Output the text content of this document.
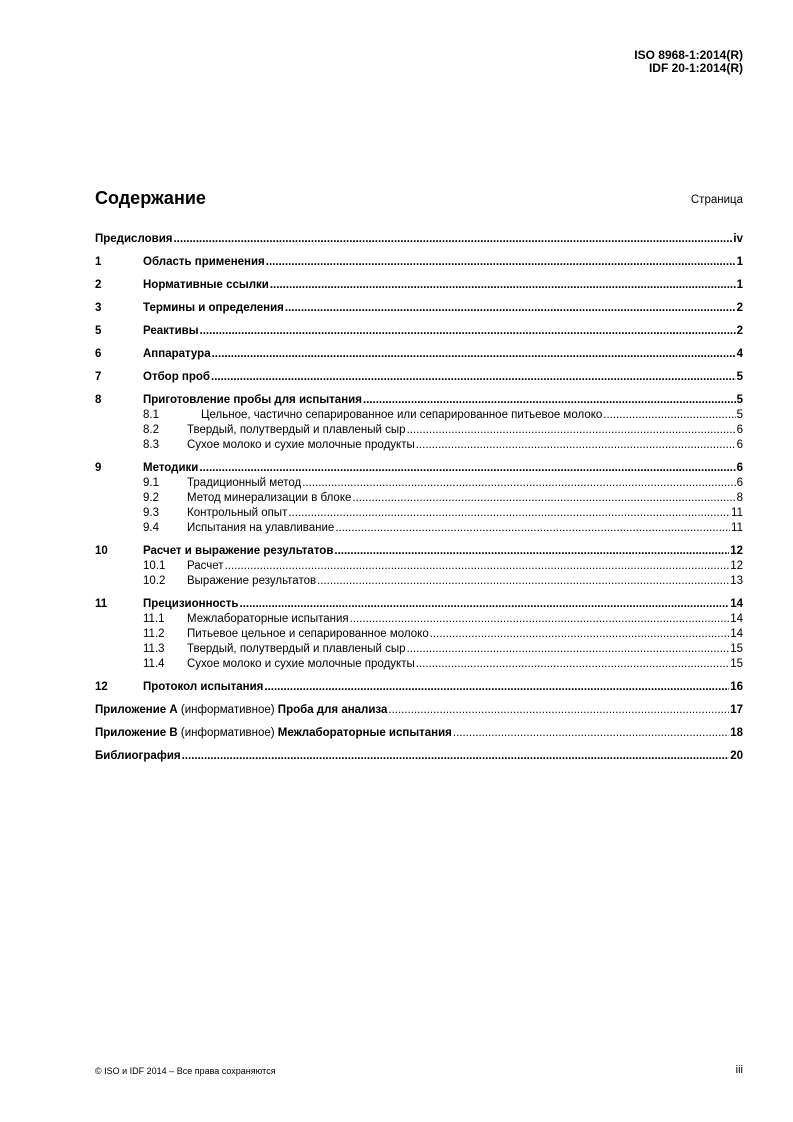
ISO 8968-1:2014(R)
IDF 20-1:2014(R)
Содержание	Страница
Предисловия .....	iv
1	Область применения .....	1
2	Нормативные ссылки .....	1
3	Термины и определения .....	2
5	Реактивы .....	2
6	Аппаратура .....	4
7	Отбор проб .....	5
8	Приготовление пробы для испытания .....	5
8.1	Цельное, частично сепарированное или сепарированное питьевое молоко .....	5
8.2	Твердый, полутвердый и плавленый сыр .....	6
8.3	Сухое молоко и сухие молочные продукты .....	6
9	Методики .....	6
9.1	Традиционный метод .....	6
9.2	Метод минерализации в блоке .....	8
9.3	Контрольный опыт .....	11
9.4	Испытания на улавливание .....	11
10	Расчет и выражение результатов .....	12
10.1	Расчет .....	12
10.2	Выражение результатов .....	13
11	Прецизионность .....	14
11.1	Межлабораторные испытания .....	14
11.2	Питьевое цельное и сепарированное молоко .....	14
11.3	Твердый, полутвердый и плавленый сыр .....	15
11.4	Сухое молоко и сухие молочные продукты .....	15
12	Протокол испытания .....	16
Приложение A (информативное) Проба для анализа .....	17
Приложение B (информативное) Межлабораторные испытания .....	18
Библиография .....	20
© ISO и IDF 2014 – Все права сохраняются	iii
